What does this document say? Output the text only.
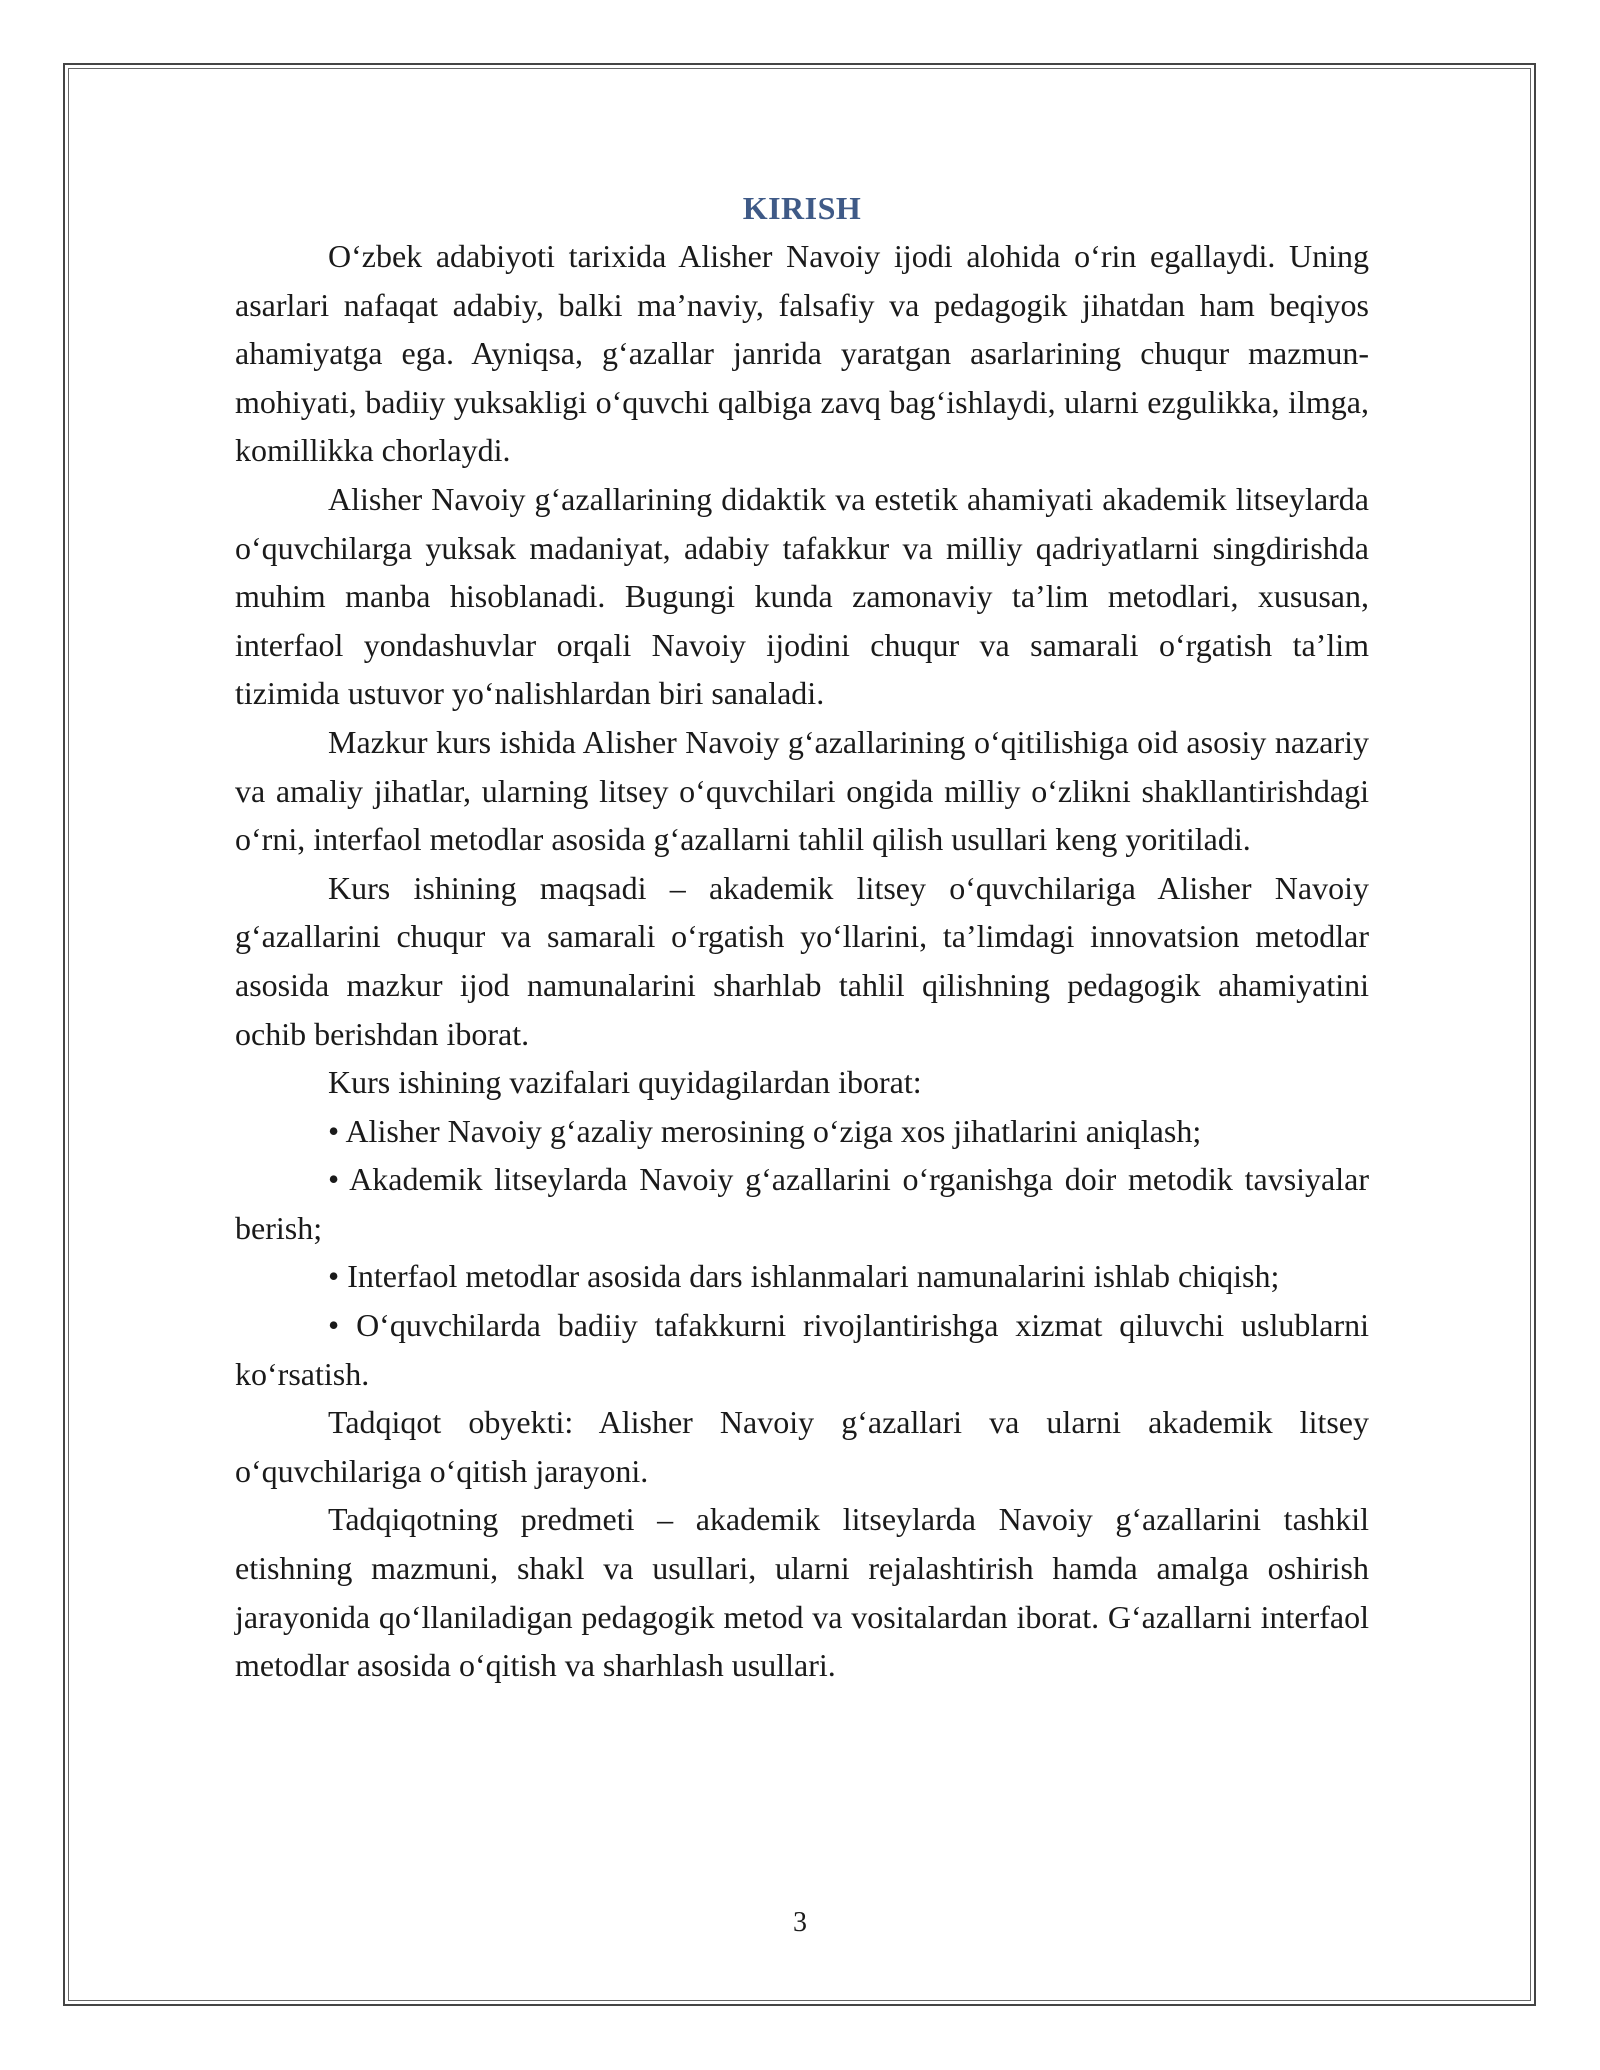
KIRISH

O‘zbek adabiyoti tarixida Alisher Navoiy ijodi alohida o‘rin egallaydi. Uning asarlari nafaqat adabiy, balki ma’naviy, falsafiy va pedagogik jihatdan ham beqiyos ahamiyatga ega. Ayniqsa, g‘azallar janrida yaratgan asarlarining chuqur mazmun-mohiyati, badiiy yuksakligi o‘quvchi qalbiga zavq bag‘ishlaydi, ularni ezgulikka, ilmga, komillikka chorlaydi.

Alisher Navoiy g‘azallarining didaktik va estetik ahamiyati akademik litseylarda o‘quvchilarga yuksak madaniyat, adabiy tafakkur va milliy qadriyatlarni singdirishda muhim manba hisoblanadi. Bugungi kunda zamonaviy ta’lim metodlari, xususan, interfaol yondashuvlar orqali Navoiy ijodini chuqur va samarali o‘rgatish ta’lim tizimida ustuvor yo‘nalishlardan biri sanaladi.

Mazkur kurs ishida Alisher Navoiy g‘azallarining o‘qitilishiga oid asosiy nazariy va amaliy jihatlar, ularning litsey o‘quvchilari ongida milliy o‘zlikni shakllantirishdagi o‘rni, interfaol metodlar asosida g‘azallarni tahlil qilish usullari keng yoritiladi.

Kurs ishining maqsadi – akademik litsey o‘quvchilariga Alisher Navoiy g‘azallarini chuqur va samarali o‘rgatish yo‘llarini, ta’limdagi innovatsion metodlar asosida mazkur ijod namunalarini sharhlab tahlil qilishning pedagogik ahamiyatini ochib berishdan iborat.

Kurs ishining vazifalari quyidagilardan iborat:

• Alisher Navoiy g‘azaliy merosining o‘ziga xos jihatlarini aniqlash;

• Akademik litseylarda Navoiy g‘azallarini o‘rganishga doir metodik tavsiyalar berish;

• Interfaol metodlar asosida dars ishlanmalari namunalarini ishlab chiqish;

• O‘quvchilarda badiiy tafakkurni rivojlantirishga xizmat qiluvchi uslublarni ko‘rsatish.

Tadqiqot obyekti: Alisher Navoiy g‘azallari va ularni akademik litsey o‘quvchilariga o‘qitish jarayoni.

Tadqiqotning predmeti – akademik litseylarda Navoiy g‘azallarini tashkil etishning mazmuni, shakl va usullari, ularni rejalashtirish hamda amalga oshirish jarayonida qo‘llaniladigan pedagogik metod va vositalardan iborat. G‘azallarni interfaol metodlar asosida o‘qitish va sharhlash usullari.

3
